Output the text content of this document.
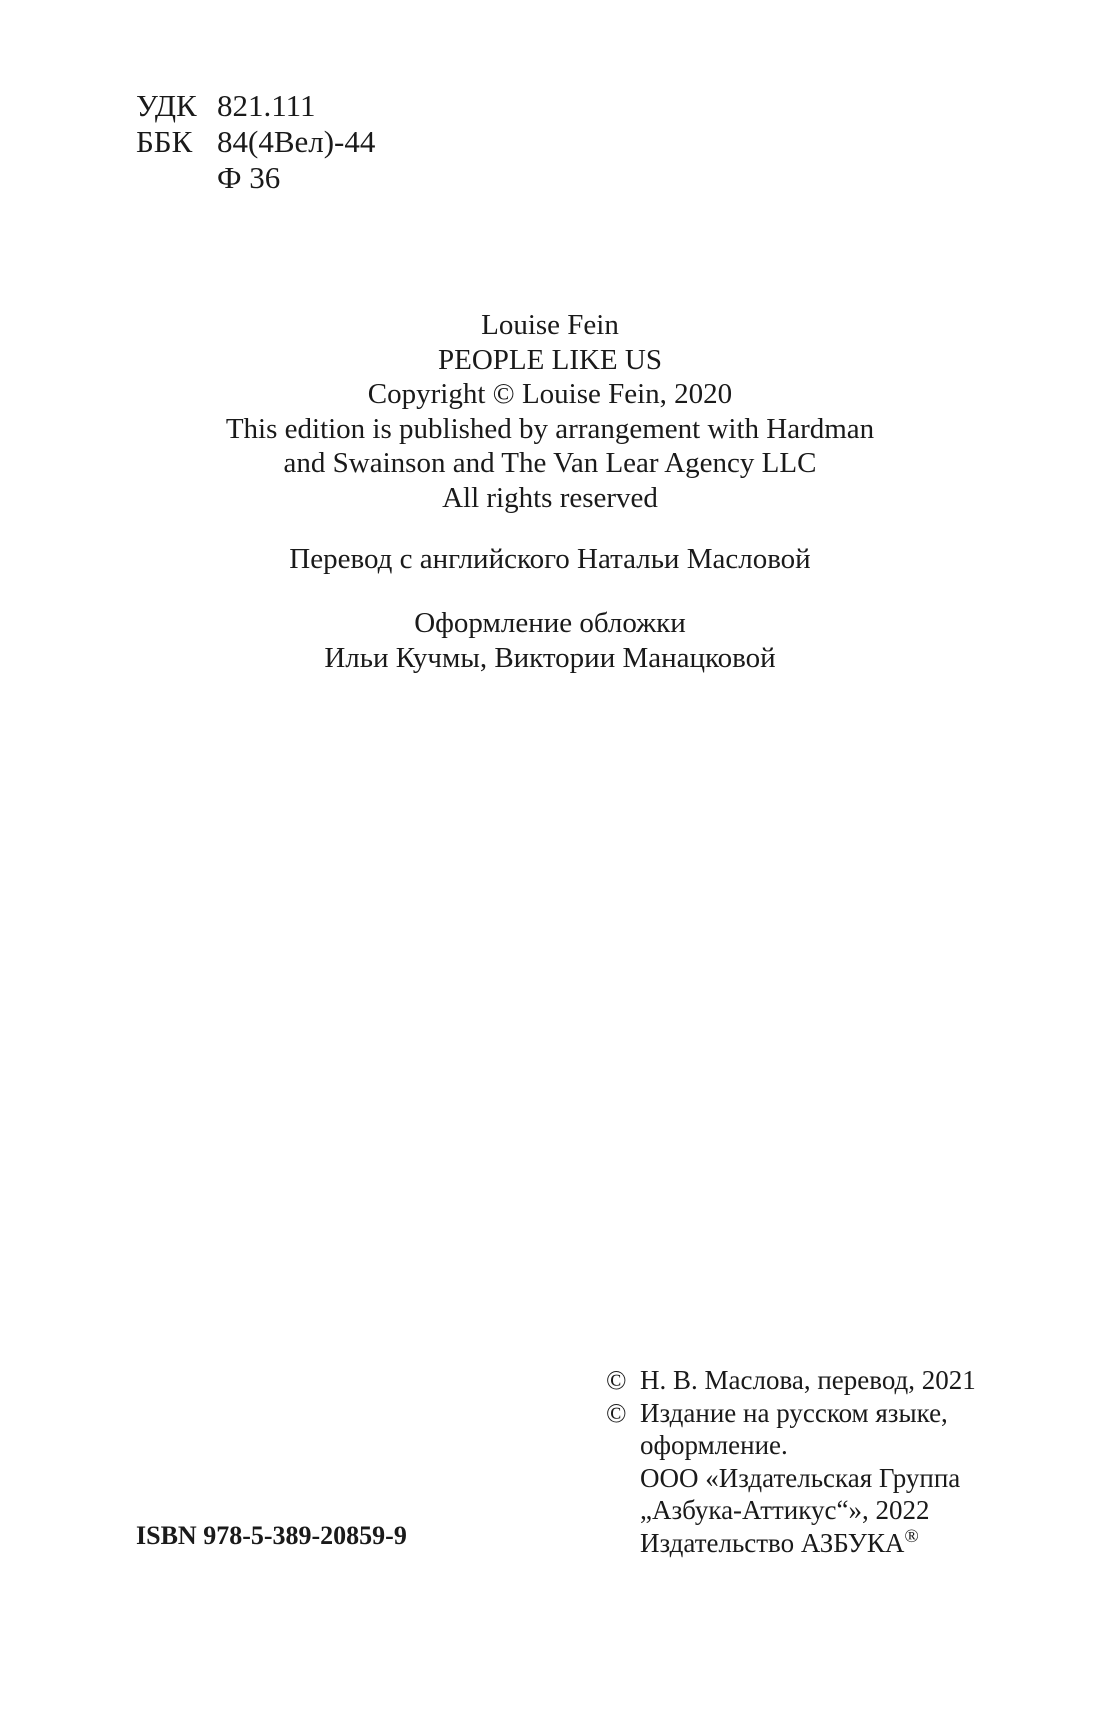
УДК 821.111
ББК 84(4Вел)-44
Ф 36
Louise Fein
PEOPLE LIKE US
Copyright © Louise Fein, 2020
This edition is published by arrangement with Hardman
and Swainson and The Van Lear Agency LLC
All rights reserved
Перевод с английского Натальи Масловой
Оформление обложки
Ильи Кучмы, Виктории Манацковой
ISBN 978-5-389-20859-9
© Н. В. Маслова, перевод, 2021
© Издание на русском языке,
оформление.
ООО «Издательская Группа
„Азбука-Аттикус“», 2022
Издательство АЗБУКА®
